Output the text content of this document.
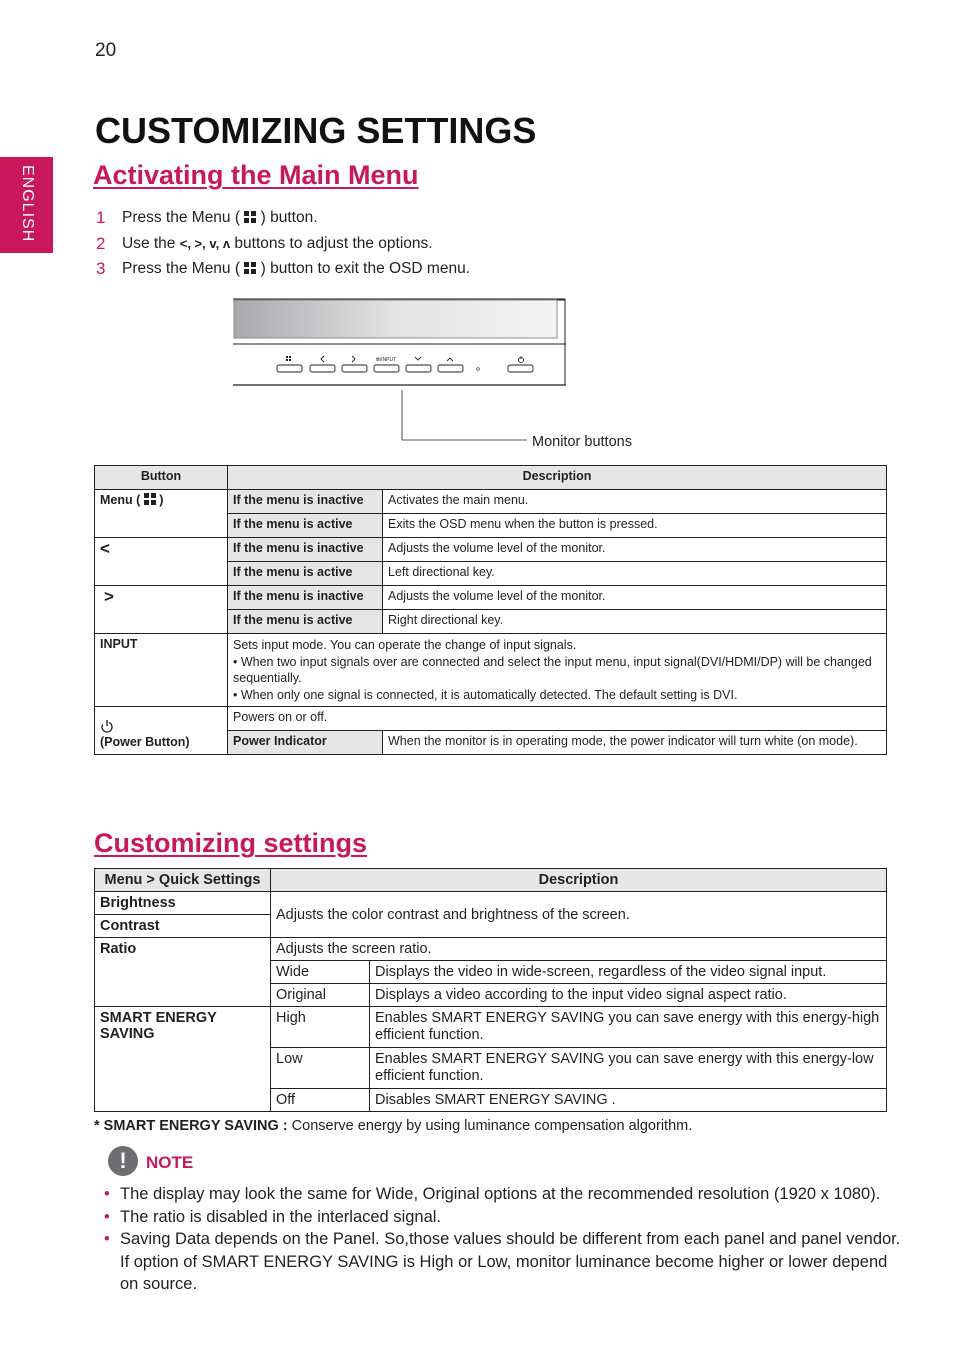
20
ENGLISH
CUSTOMIZING SETTINGS
Activating the Main Menu
1 Press the Menu ( ) button.
2 Use the <, >, v, ʌ buttons to adjust the options.
3 Press the Menu ( ) button to exit the OSD menu.
⦾/INPUT
Monitor buttons
Button	Description	
Menu ( )	If the menu is inactive	Activates the main menu.
	If the menu is active	Exits the OSD menu when the button is pressed.
<	If the menu is inactive	Adjusts the volume level of the monitor.
	If the menu is active	Left directional key.
>	If the menu is inactive	Adjusts the volume level of the monitor.
	If the menu is active	Right directional key.
INPUT	Sets input mode. You can operate the change of input signals.
• When two input signals over are connected and select the input menu, input signal(DVI/HDMI/DP) will be changed sequentially.
• When only one signal is connected, it is automatically detected. The default setting is DVI.	

(Power Button)	Powers on or off.	
	Power Indicator	When the monitor is in operating mode, the power indicator will turn white (on mode).
Customizing settings
Menu > Quick Settings	Description	
Brightness	Adjusts the color contrast and brightness of the screen.	
Contrast		
Ratio	Adjusts the screen ratio.	
	Wide	Displays the video in wide-screen, regardless of the video signal input.
	Original	Displays a video according to the input video signal aspect ratio.
SMART ENERGY SAVING	High	Enables SMART ENERGY SAVING you can save energy with this energy-high efficient function.
	Low	Enables SMART ENERGY SAVING you can save energy with this energy-low efficient function.
	Off	Disables SMART ENERGY SAVING .
* SMART ENERGY SAVING : Conserve energy by using luminance compensation algorithm.
!	NOTE
• The display may look the same for Wide, Original options at the recommended resolution (1920 x 1080).
• The ratio is disabled in the interlaced signal.
• Saving Data depends on the Panel. So,those values should be different from each panel and panel vendor. If option of SMART ENERGY SAVING is High or Low, monitor luminance become higher or lower depend on source.
